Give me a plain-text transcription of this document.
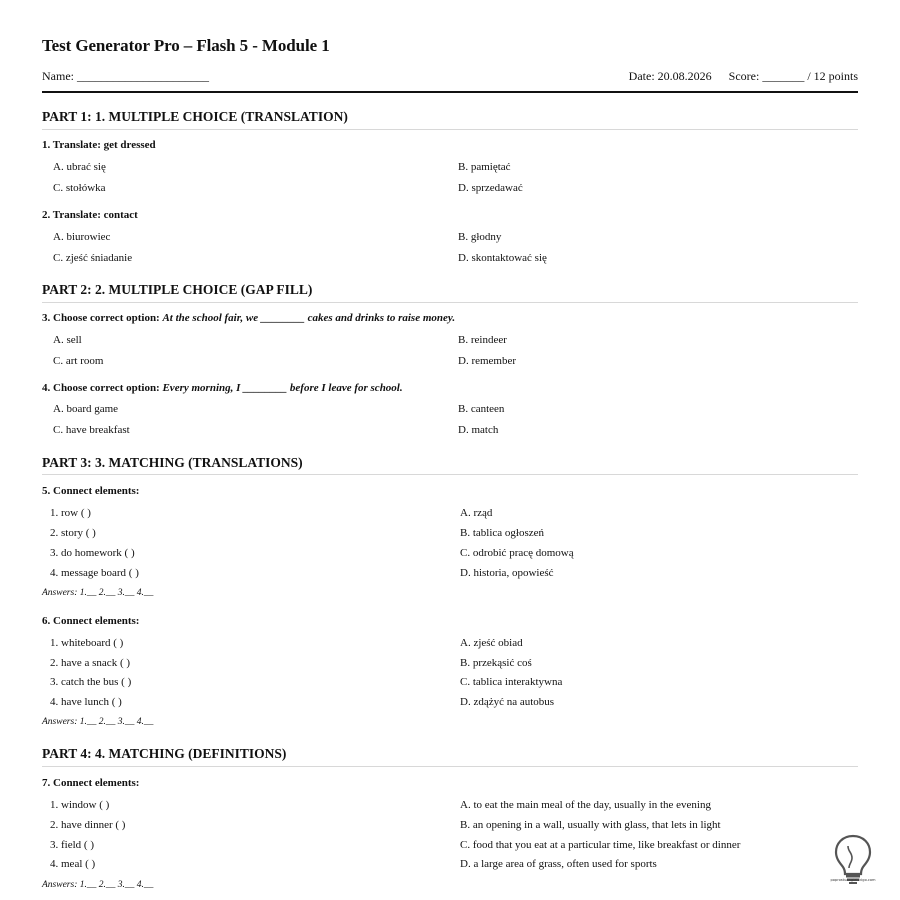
Test Generator Pro – Flash 5 - Module 1
Name: ______________________	Date: 20.08.2026 Score: _______ / 12 points
PART 1: 1. MULTIPLE CHOICE (TRANSLATION)
1. Translate: get dressed
A. ubrać się	B. pamiętać
C. stołówka	D. sprzedawać
2. Translate: contact
A. biurowiec	B. głodny
C. zjeść śniadanie	D. skontaktować się
PART 2: 2. MULTIPLE CHOICE (GAP FILL)
3. Choose correct option: At the school fair, we ________ cakes and drinks to raise money.
A. sell	B. reindeer
C. art room	D. remember
4. Choose correct option: Every morning, I ________ before I leave for school.
A. board game	B. canteen
C. have breakfast	D. match
PART 3: 3. MATCHING (TRANSLATIONS)
5. Connect elements:
1. row ( )	A. rząd
2. story ( )	B. tablica ogłoszeń
3. do homework ( )	C. odrobić pracę domową
4. message board ( )	D. historia, opowieść
Answers: 1.__ 2.__ 3.__ 4.__
6. Connect elements:
1. whiteboard ( )	A. zjeść obiad
2. have a snack ( )	B. przekąsić coś
3. catch the bus ( )	C. tablica interaktywna
4. have lunch ( )	D. zdążyć na autobus
Answers: 1.__ 2.__ 3.__ 4.__
PART 4: 4. MATCHING (DEFINITIONS)
7. Connect elements:
1. window ( )	A. to eat the main meal of the day, usually in the evening
2. have dinner ( )	B. an opening in a wall, usually with glass, that lets in light
3. field ( )	C. food that you eat at a particular time, like breakfast or dinner
4. meal ( )	D. a large area of grass, often used for sports
Answers: 1.__ 2.__ 3.__ 4.__	poprostuangielskigo.com
